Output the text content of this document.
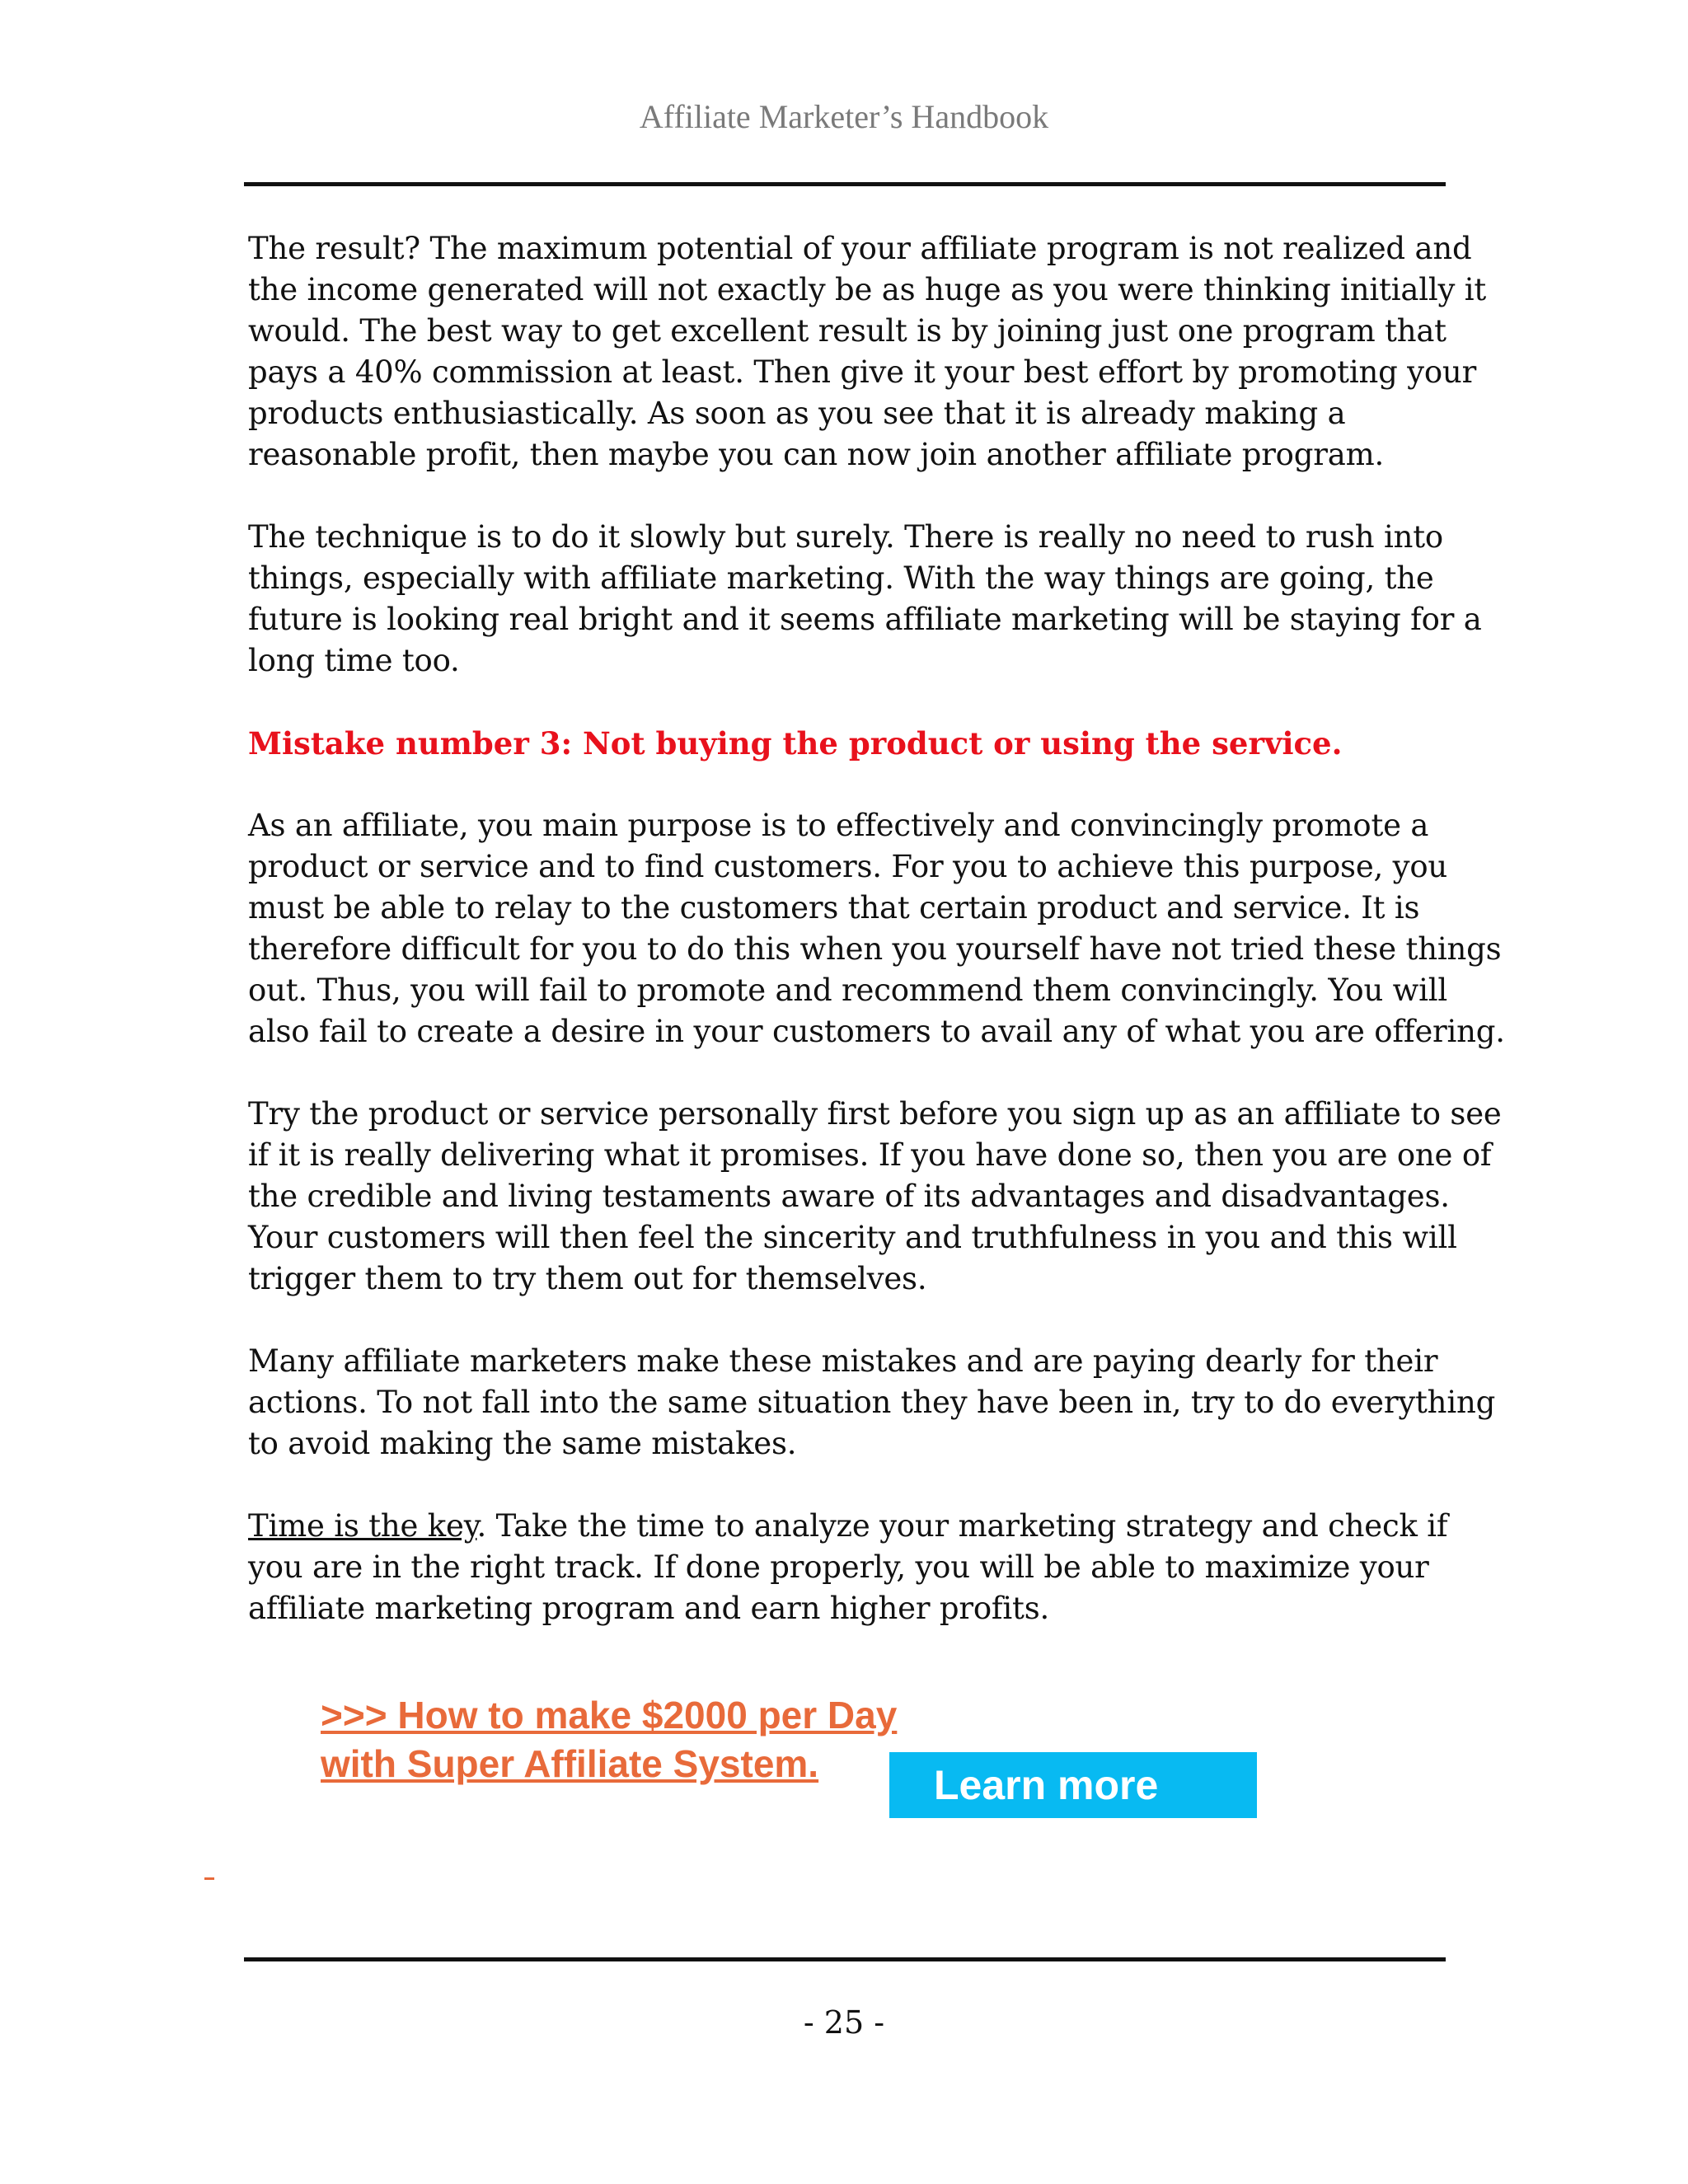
Affiliate Marketer’s Handbook

The result? The maximum potential of your affiliate program is not realized and
the income generated will not exactly be as huge as you were thinking initially it
would. The best way to get excellent result is by joining just one program that
pays a 40% commission at least. Then give it your best effort by promoting your
products enthusiastically. As soon as you see that it is already making a
reasonable profit, then maybe you can now join another affiliate program.

The technique is to do it slowly but surely. There is really no need to rush into
things, especially with affiliate marketing. With the way things are going, the
future is looking real bright and it seems affiliate marketing will be staying for a
long time too.

Mistake number 3: Not buying the product or using the service.

As an affiliate, you main purpose is to effectively and convincingly promote a
product or service and to find customers. For you to achieve this purpose, you
must be able to relay to the customers that certain product and service. It is
therefore difficult for you to do this when you yourself have not tried these things
out. Thus, you will fail to promote and recommend them convincingly. You will
also fail to create a desire in your customers to avail any of what you are offering.

Try the product or service personally first before you sign up as an affiliate to see
if it is really delivering what it promises. If you have done so, then you are one of
the credible and living testaments aware of its advantages and disadvantages.
Your customers will then feel the sincerity and truthfulness in you and this will
trigger them to try them out for themselves.

Many affiliate marketers make these mistakes and are paying dearly for their
actions. To not fall into the same situation they have been in, try to do everything
to avoid making the same mistakes.

Time is the key. Take the time to analyze your marketing strategy and check if
you are in the right track. If done properly, you will be able to maximize your
affiliate marketing program and earn higher profits.

>>> How to make $2000 per Day
with Super Affiliate System.	Learn more
- 25 -
